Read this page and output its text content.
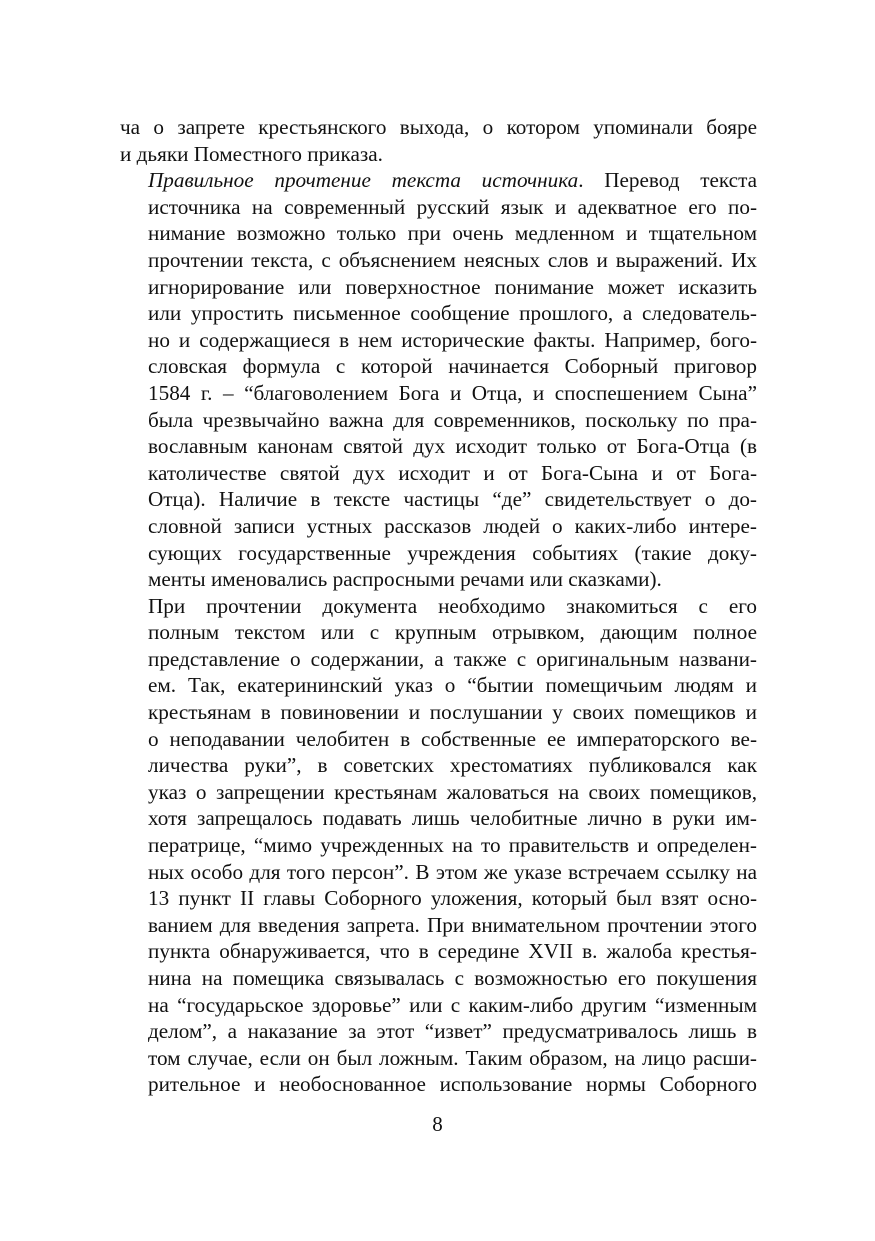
ча о запрете крестьянского выхода, о котором упоминали бояре
и дьяки Поместного приказа.

Правильное прочтение текста источника. Перевод текста
источника на современный русский язык и адекватное его по-
нимание возможно только при очень медленном и тщательном
прочтении текста, с объяснением неясных слов и выражений. Их
игнорирование или поверхностное понимание может исказить
или упростить письменное сообщение прошлого, а следователь-
но и содержащиеся в нем исторические факты. Например, бого-
словская формула с которой начинается Соборный приговор
1584 г. – “благоволением Бога и Отца, и споспешением Сына”
была чрезвычайно важна для современников, поскольку по пра-
вославным канонам святой дух исходит только от Бога-Отца (в
католичестве святой дух исходит и от Бога-Сына и от Бога-
Отца). Наличие в тексте частицы “де” свидетельствует о до-
словной записи устных рассказов людей о каких-либо интере-
сующих государственные учреждения событиях (такие доку-
менты именовались распросными речами или сказками).

При прочтении документа необходимо знакомиться с его
полным текстом или с крупным отрывком, дающим полное
представление о содержании, а также с оригинальным названи-
ем. Так, екатерининский указ о “бытии помещичьим людям и
крестьянам в повиновении и послушании у своих помещиков и
о неподавании челобитен в собственные ее императорского ве-
личества руки”, в советских хрестоматиях публиковался как
указ о запрещении крестьянам жаловаться на своих помещиков,
хотя запрещалось подавать лишь челобитные лично в руки им-
ператрице, “мимо учрежденных на то правительств и определен-
ных особо для того персон”. В этом же указе встречаем ссылку на
13 пункт II главы Соборного уложения, который был взят осно-
ванием для введения запрета. При внимательном прочтении этого
пункта обнаруживается, что в середине XVII в. жалоба крестья-
нина на помещика связывалась с возможностью его покушения
на “государьское здоровье” или с каким-либо другим “изменным
делом”, а наказание за этот “извет” предусматривалось лишь в
том случае, если он был ложным. Таким образом, на лицо расши-
рительное и необоснованное использование нормы Соборного

8
